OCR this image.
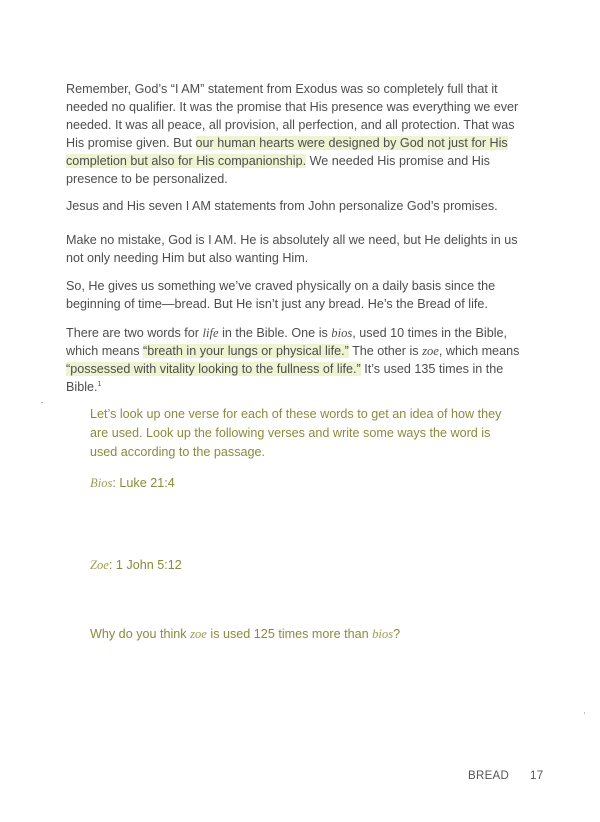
Remember, God’s “I AM” statement from Exodus was so completely full that it needed no qualifier. It was the promise that His presence was everything we ever needed. It was all peace, all provision, all perfection, and all protection. That was His promise given. But our human hearts were designed by God not just for His completion but also for His companionship. We needed His promise and His presence to be personalized.

Jesus and His seven I AM statements from John personalize God’s promises.

Make no mistake, God is I AM. He is absolutely all we need, but He delights in us not only needing Him but also wanting Him.

So, He gives us something we’ve craved physically on a daily basis since the beginning of time—bread. But He isn’t just any bread. He’s the Bread of life.

There are two words for life in the Bible. One is bios, used 10 times in the Bible, which means “breath in your lungs or physical life.” The other is zoe, which means “possessed with vitality looking to the fullness of life.” It’s used 135 times in the Bible.$^1$

Let’s look up one verse for each of these words to get an idea of how they are used. Look up the following verses and write some ways the word is used according to the passage.

Bios: Luke 21:4
Zoe: 1 John 5:12
Why do you think zoe is used 125 times more than bios?
BREAD 17
